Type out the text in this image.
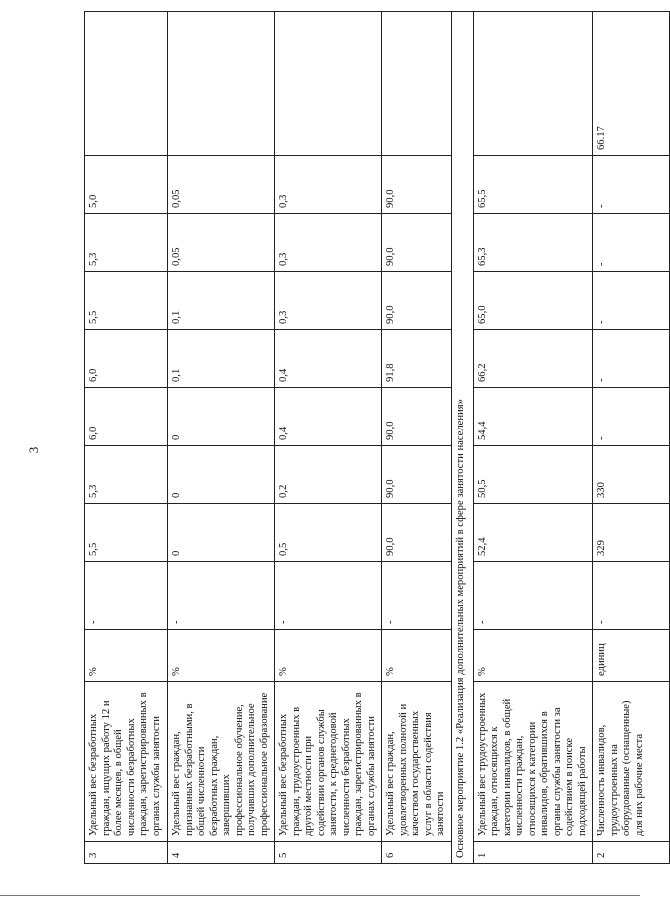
3
3	Удельный вес безработных граждан, ищущих работу 12 и более месяцев, в общей численности безработных граждан, зарегистрированных в органах службы занятости	%	-	5,5	5,3	6,0	6,0	5,5	5,3	5,0	
4	Удельный вес граждан, признанных безработными, в общей численности безработных граждан, завершивших профессиональное обучение, получивших дополнительное профессиональное образование	%	-	0	0	0	0,1	0,1	0,05	0,05	
5	Удельный вес безработных граждан, трудоустроенных в другой местности при содействии органов службы занятости, к среднегодовой численности безработных граждан, зарегистрированных в органах службы занятости	%	-	0,5	0,2	0,4	0,4	0,3	0,3	0,3	
6	Удельный вес граждан, удовлетворенных полнотой и качеством государственных услуг в области содействия занятости	%	-	90,0	90,0	90,0	91,8	90,0	90,0	90,0	
Основное мероприятие 1.2 «Реализация дополнительных мероприятий в сфере занятости населения»											
1	Удельный вес трудоустроенных граждан, относящихся к категории инвалидов, в общей численности граждан, относящихся к категории инвалидов, обратившихся в органы службы занятости за содействием в поиске подходящей работы	%	-	52,4	50,5	54,4	66,2	65,0	65,3	65,5	
2	Численность инвалидов, трудоустроенных на оборудованные (оснащенные) для них рабочие места	единиц	-	329	330	-	-	-	-	-	66.17
